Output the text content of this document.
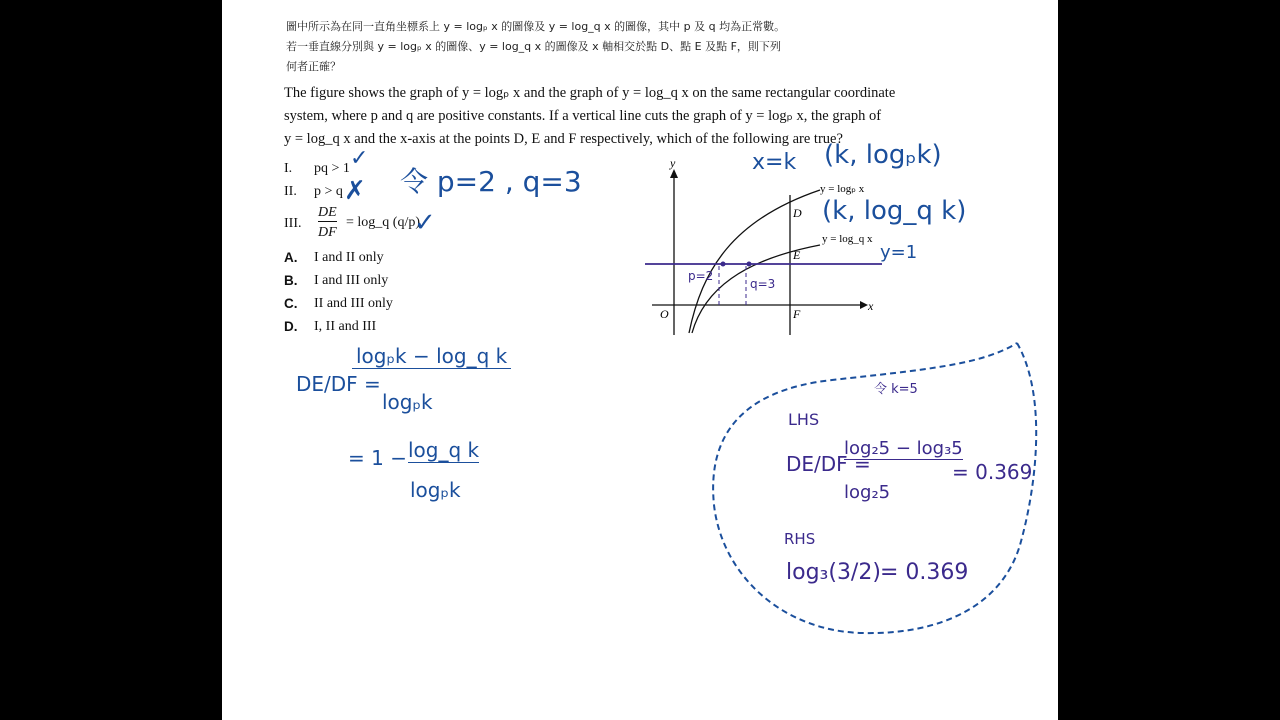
圖中所示為在同一直角坐標系上 y = logₚ x 的圖像及 y = log_q x 的圖像，其中 p 及 q 均為正常數。
若一垂直線分別與 y = logₚ x 的圖像、y = log_q x 的圖像及 x 軸相交於點 D、點 E 及點 F，則下列
何者正確？
The figure shows the graph of y = logₚ x and the graph of y = log_q x on the same rectangular coordinate
system, where p and q are positive constants. If a vertical line cuts the graph of y = logₚ x, the graph of
y = log_q x and the x-axis at the points D, E and F respectively, which of the following are true?
I. pq > 1
II. p > q
III.
DE
DF
= log_q (q/p)
A. I and II only
B. I and III only
C. II and III only
D. I, II and III
x
y
O
y = logₚ x
y = log_q x
D
E
F
p=2
q=3
✓
✗
✓
令 p=2 , q=3
x=k (k, logₚk)
(k, log_q k)
y=1
DE/DF =
logₚk − log_q k
logₚk
= 1 − log_q k
logₚk
令 k=5
LHS
DE/DF =
log₂5 − log₃5
log₂5
= 0.369
RHS
log₃(3/2) = 0.369
